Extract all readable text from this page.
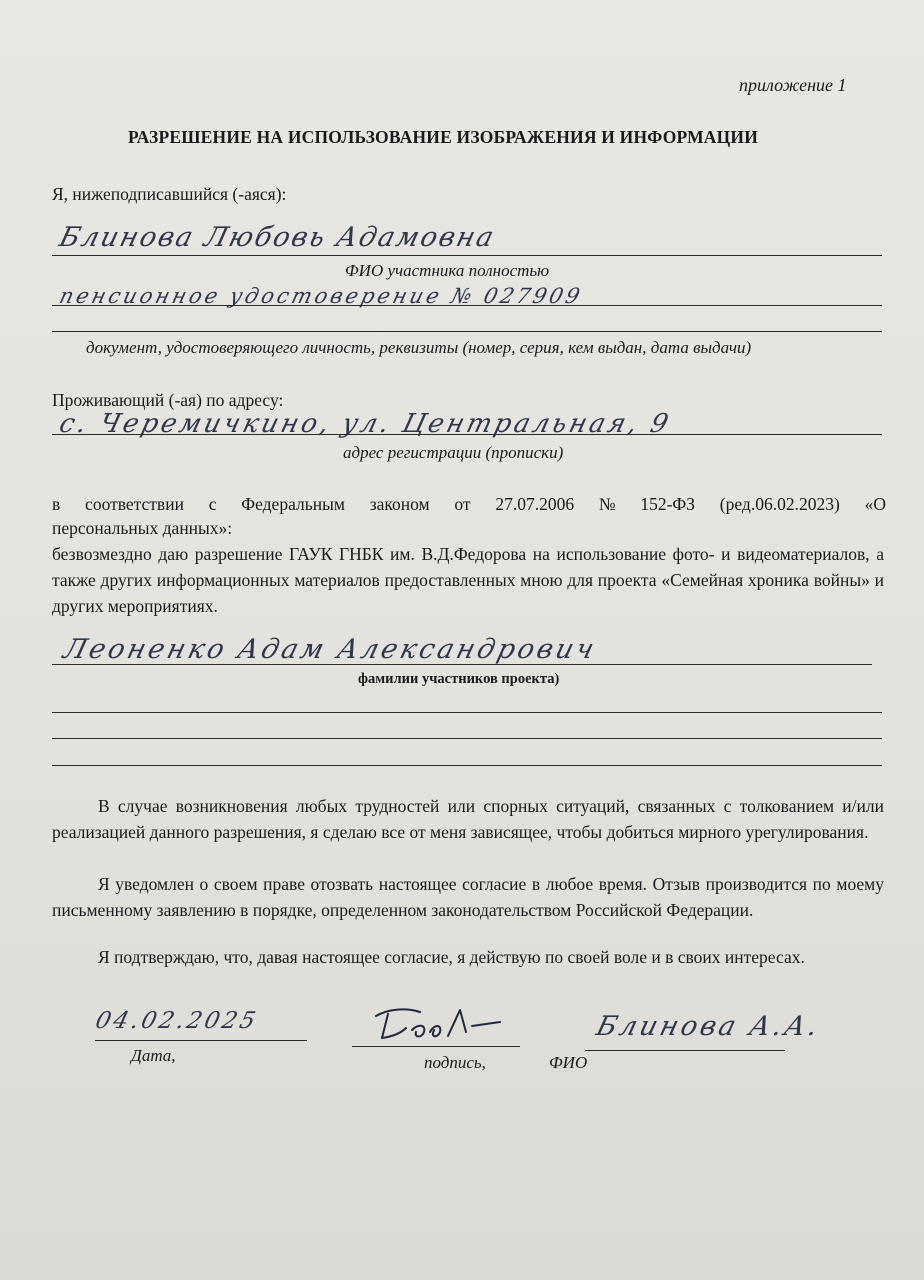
приложение 1
РАЗРЕШЕНИЕ НА ИСПОЛЬЗОВАНИЕ ИЗОБРАЖЕНИЯ И ИНФОРМАЦИИ
Я, нижеподписавшийся (-аяся):
Блинова Любовь Адамовна
ФИО участника полностью
пенсионное удостоверение № 027909
документ, удостоверяющего личность, реквизиты (номер, серия, кем выдан, дата выдачи)
Проживающий (-ая) по адресу:
с. Черемичкино, ул. Центральная, 9
адрес регистрации (прописки)
в соответствии с Федеральным законом от 27.07.2006 № 152-ФЗ (ред.06.02.2023) «О
персональных данных»:
безвозмездно даю разрешение ГАУК ГНБК им. В.Д.Федорова на использование фото- и видеоматериалов, а также других информационных материалов предоставленных мною для проекта «Семейная хроника войны» и других мероприятиях.
Леоненко Адам Александрович
фамилии участников проекта)
В случае возникновения любых трудностей или спорных ситуаций, связанных с толкованием и/или реализацией данного разрешения, я сделаю все от меня зависящее, чтобы добиться мирного урегулирования.
Я уведомлен о своем праве отозвать настоящее согласие в любое время. Отзыв производится по моему письменному заявлению в порядке, определенном законодательством Российской Федерации.
Я подтверждаю, что, давая настоящее согласие, я действую по своей воле и в своих интересах.
04.02.2025
Дата,	подпись,
Блинова А.А.
ФИО
